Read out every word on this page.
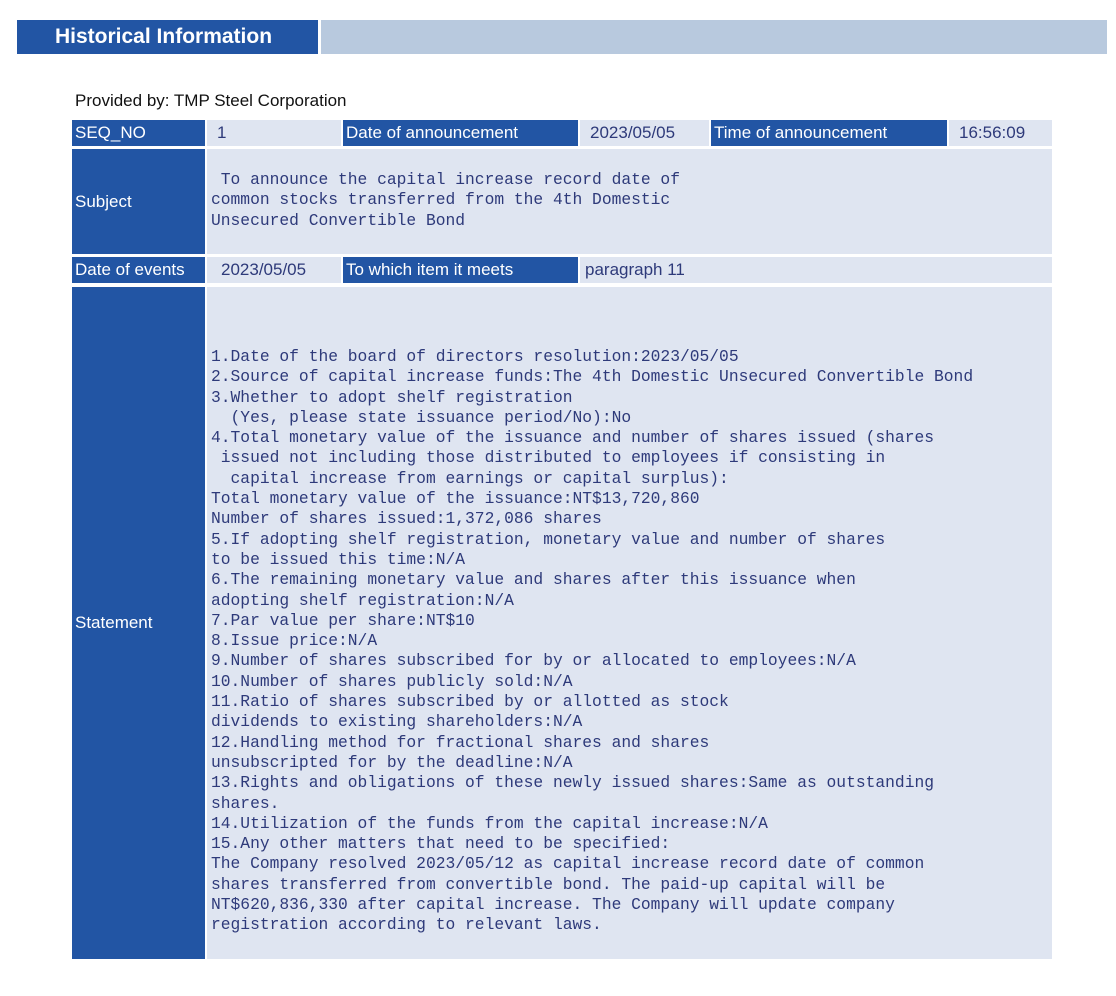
Historical Information
Provided by: TMP Steel Corporation
SEQ_NO	1	Date of announcement	2023/05/05	Time of announcement	16:56:09
Subject
To announce the capital increase record date of
common stocks transferred from the 4th Domestic
Unsecured Convertible Bond
Date of events	2023/05/05	To which item it meets	paragraph 11
Statement
1.Date of the board of directors resolution:2023/05/05
2.Source of capital increase funds:The 4th Domestic Unsecured Convertible Bond
3.Whether to adopt shelf registration
(Yes, please state issuance period/No):No
4.Total monetary value of the issuance and number of shares issued (shares
issued not including those distributed to employees if consisting in
capital increase from earnings or capital surplus):
Total monetary value of the issuance:NT$13,720,860
Number of shares issued:1,372,086 shares
5.If adopting shelf registration, monetary value and number of shares
to be issued this time:N/A
6.The remaining monetary value and shares after this issuance when
adopting shelf registration:N/A
7.Par value per share:NT$10
8.Issue price:N/A
9.Number of shares subscribed for by or allocated to employees:N/A
10.Number of shares publicly sold:N/A
11.Ratio of shares subscribed by or allotted as stock
dividends to existing shareholders:N/A
12.Handling method for fractional shares and shares
unsubscripted for by the deadline:N/A
13.Rights and obligations of these newly issued shares:Same as outstanding
shares.
14.Utilization of the funds from the capital increase:N/A
15.Any other matters that need to be specified:
The Company resolved 2023/05/12 as capital increase record date of common
shares transferred from convertible bond. The paid-up capital will be
NT$620,836,330 after capital increase. The Company will update company
registration according to relevant laws.
